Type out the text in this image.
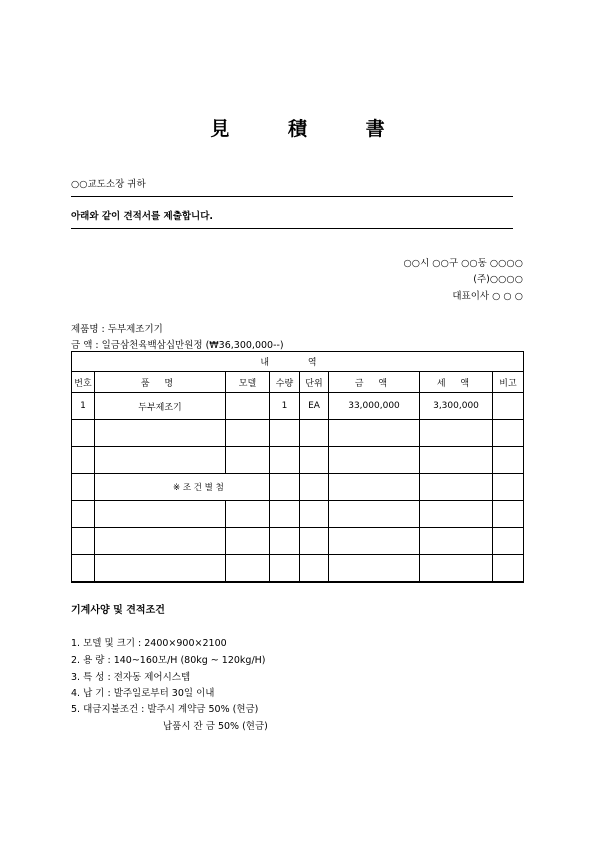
見 積 書
○○교도소장 귀하
아래와 같이 견적서를 제출합니다.
○○시 ○○구 ○○동 ○○○○
(주)○○○○
대표이사 ○ ○ ○
제품명 : 두부제조기기
금 액 : 일금삼천육백삼십만원정 (₩36,300,000--)
내 역							
번호	품 명	모델	수량	단위	금 액	세 액	비고
1	두부제조기		1	EA	33,000,000	3,300,000	

	※ 조 건 별 첨						

기계사양 및 견적조건
1. 모델 및 크기 : 2400×900×2100
2. 용 량 : 140~160모/H (80kg ~ 120kg/H)
3. 특 성 : 전자동 제어시스템
4. 납 기 : 발주일로부터 30일 이내
5. 대금지불조건 : 발주시 계약금 50% (현금)
납품시 잔 금 50% (현금)
